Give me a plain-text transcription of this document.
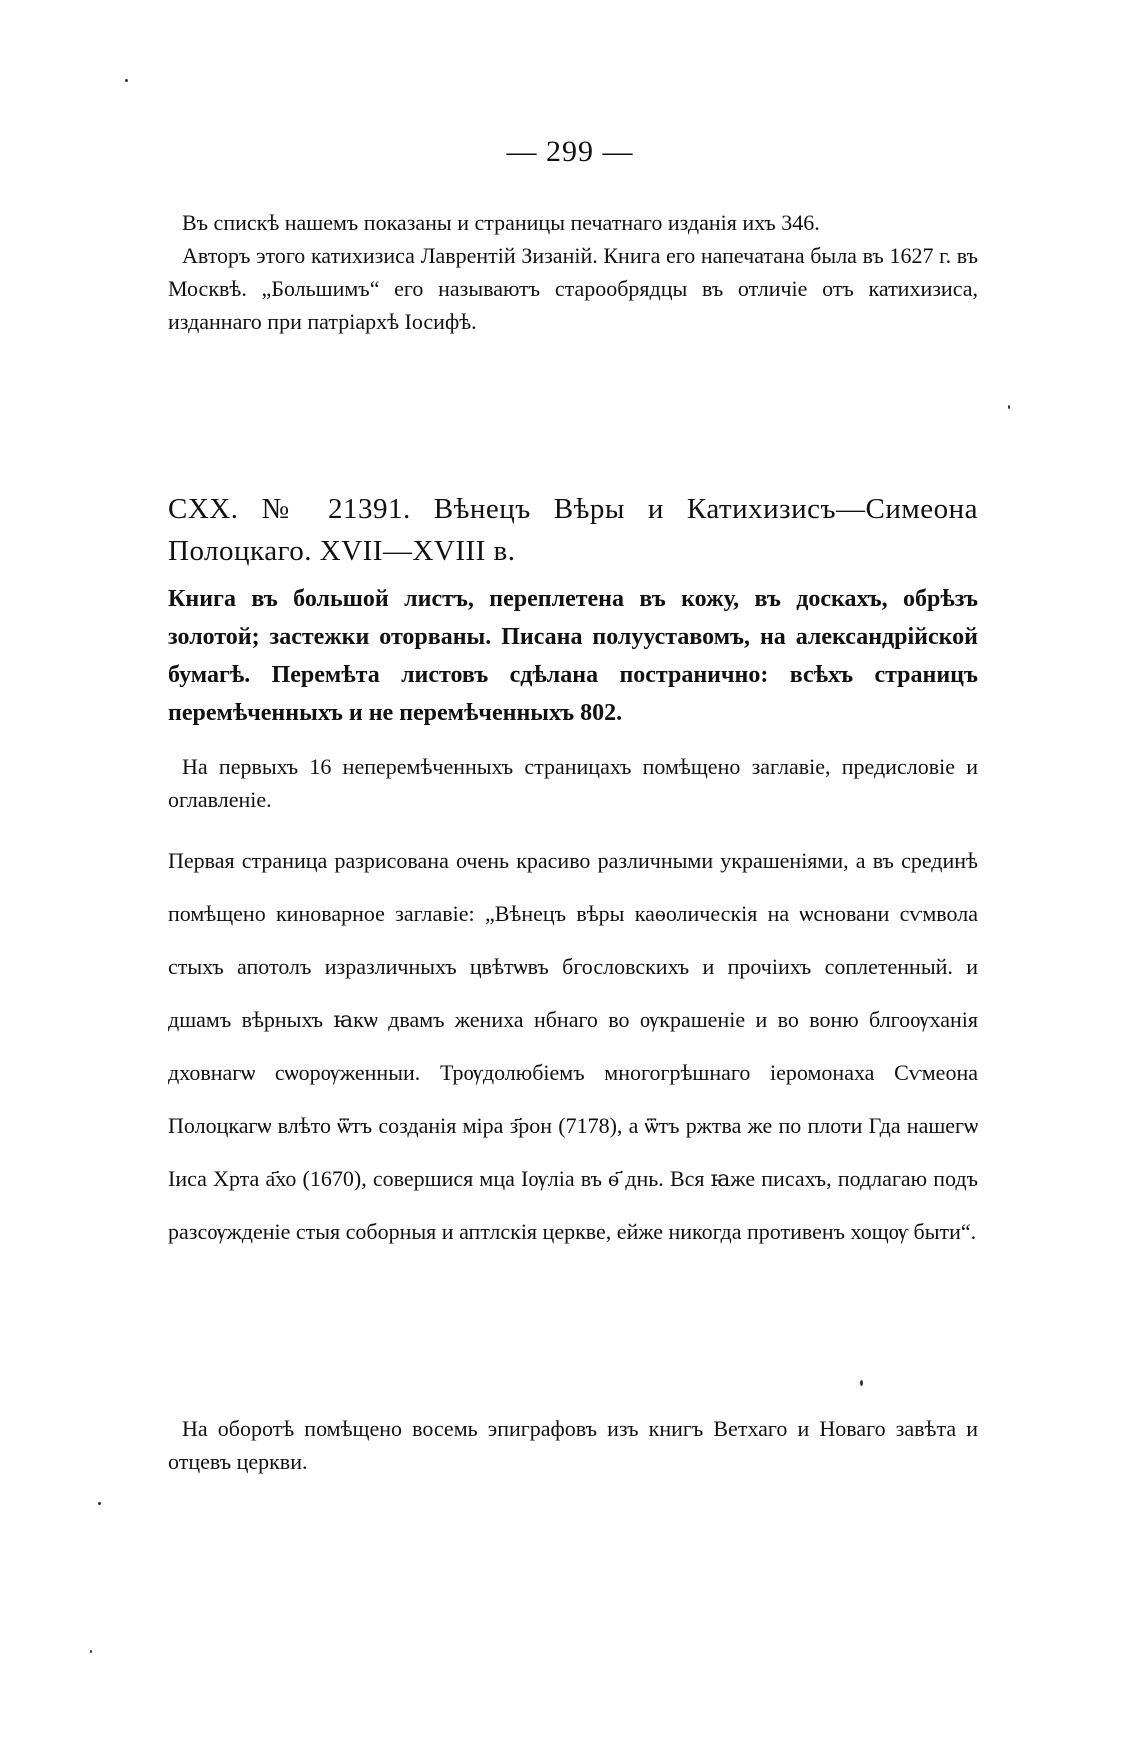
— 299 —

Въ спискѣ нашемъ показаны и страницы печатнаго изданія ихъ 346.

Авторъ этого катихизиса Лаврентій Зизаній. Книга его напечатана была въ 1627 г. въ Москвѣ. „Большимъ“ его называютъ старообрядцы въ отличіе отъ катихизиса, изданнаго при патріархѣ Іосифѣ.

CXX. № 21391. Вѣнецъ Вѣры и Катихизисъ—Симеона Полоцкаго. XVII—XVIII в.

Книга въ большой листъ, переплетена въ кожу, въ доскахъ, обрѣзъ золотой; застежки оторваны. Писана полууставомъ, на александрійской бумагѣ. Перемѣта листовъ сдѣлана постранично: всѣхъ страницъ перемѣченныхъ и не перемѣченныхъ 802.

На первыхъ 16 неперемѣченныхъ страницахъ помѣщено заглавіе, предисловіе и оглавленіе.

Первая страница разрисована очень красиво различными украшеніями, а въ срединѣ помѣщено киноварное заглавіе: „Вѣнецъ вѣры каѳолическія на ѡсновани сѵмвола стыхъ апотолъ изразличныхъ цвѣтѡвъ бгословскихъ и прочіихъ соплетенный. и дшамъ вѣрныхъ ꙗкѡ двамъ жениха нбнаго во ѹкрашеніе и во воню блгоѹханія дховнагѡ сѡорѹженныи. Трѹдолюбіемъ многогрѣшнаго іеромонаха Сѵмеона Полоцкагѡ влѣто ѿтъ созданія міра з҃рон (7178), а ѿтъ ржтва же по плоти Гда нашегѡ Іиса Хрта а҃хо (1670), совершися мца Іѹліа въ ѳ҃ днь. Вся ꙗже писахъ, подлагаю подъ разсѹжденіе стыя соборныя и аптлскія церкве, ейже никогда противенъ хощѹ быти“.

На оборотѣ помѣщено восемь эпиграфовъ изъ книгъ Ветхаго и Новаго завѣта и отцевъ церкви.
